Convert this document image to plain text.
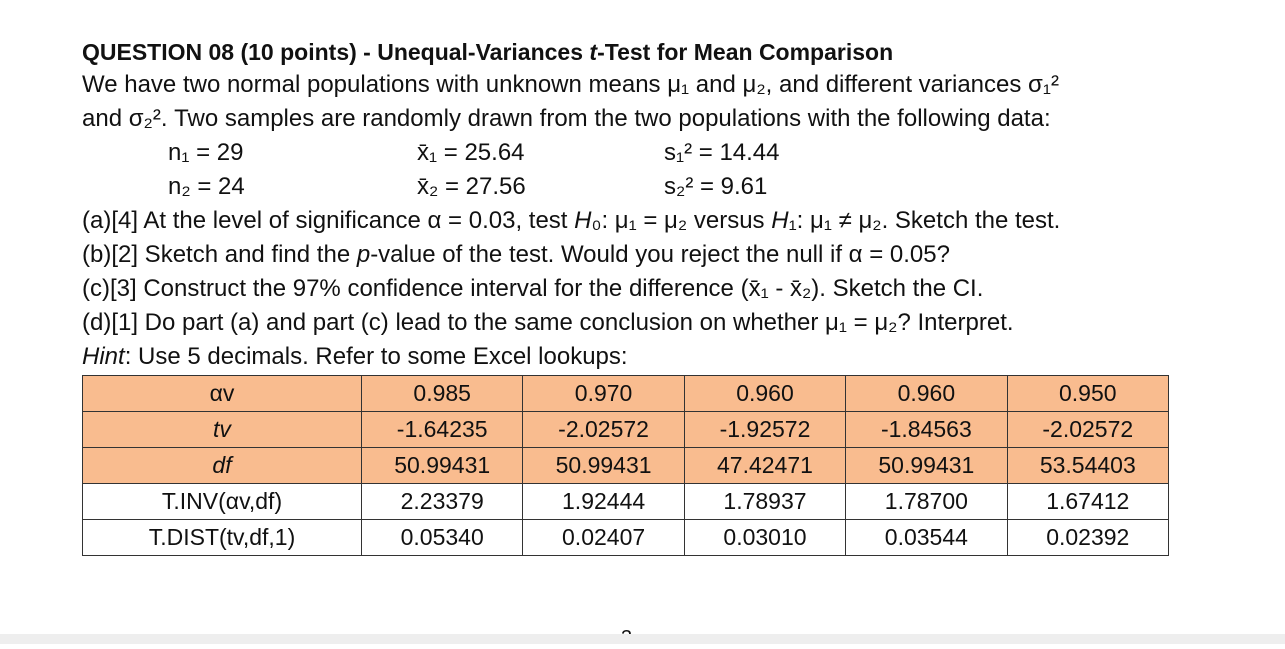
QUESTION 08 (10 points) - Unequal-Variances t-Test for Mean Comparison
We have two normal populations with unknown means μ₁ and μ₂, and different variances σ₁²
and σ₂². Two samples are randomly drawn from the two populations with the following data:
n₁ = 29	x̄₁ = 25.64	s₁² = 14.44
n₂ = 24	x̄₂ = 27.56	s₂² = 9.61
(a)[4] At the level of significance α = 0.03, test H₀: μ₁ = μ₂ versus H₁: μ₁ ≠ μ₂. Sketch the test.
(b)[2] Sketch and find the p-value of the test. Would you reject the null if α = 0.05?
(c)[3] Construct the 97% confidence interval for the difference (x̄₁ - x̄₂). Sketch the CI.
(d)[1] Do part (a) and part (c) lead to the same conclusion on whether μ₁ = μ₂? Interpret.
Hint: Use 5 decimals. Refer to some Excel lookups:
αv	0.985	0.970	0.960	0.960	0.950
tv	-1.64235	-2.02572	-1.92572	-1.84563	-2.02572
df	50.99431	50.99431	47.42471	50.99431	53.54403
T.INV(αv,df)	2.23379	1.92444	1.78937	1.78700	1.67412
T.DIST(tv,df,1)	0.05340	0.02407	0.03010	0.03544	0.02392
